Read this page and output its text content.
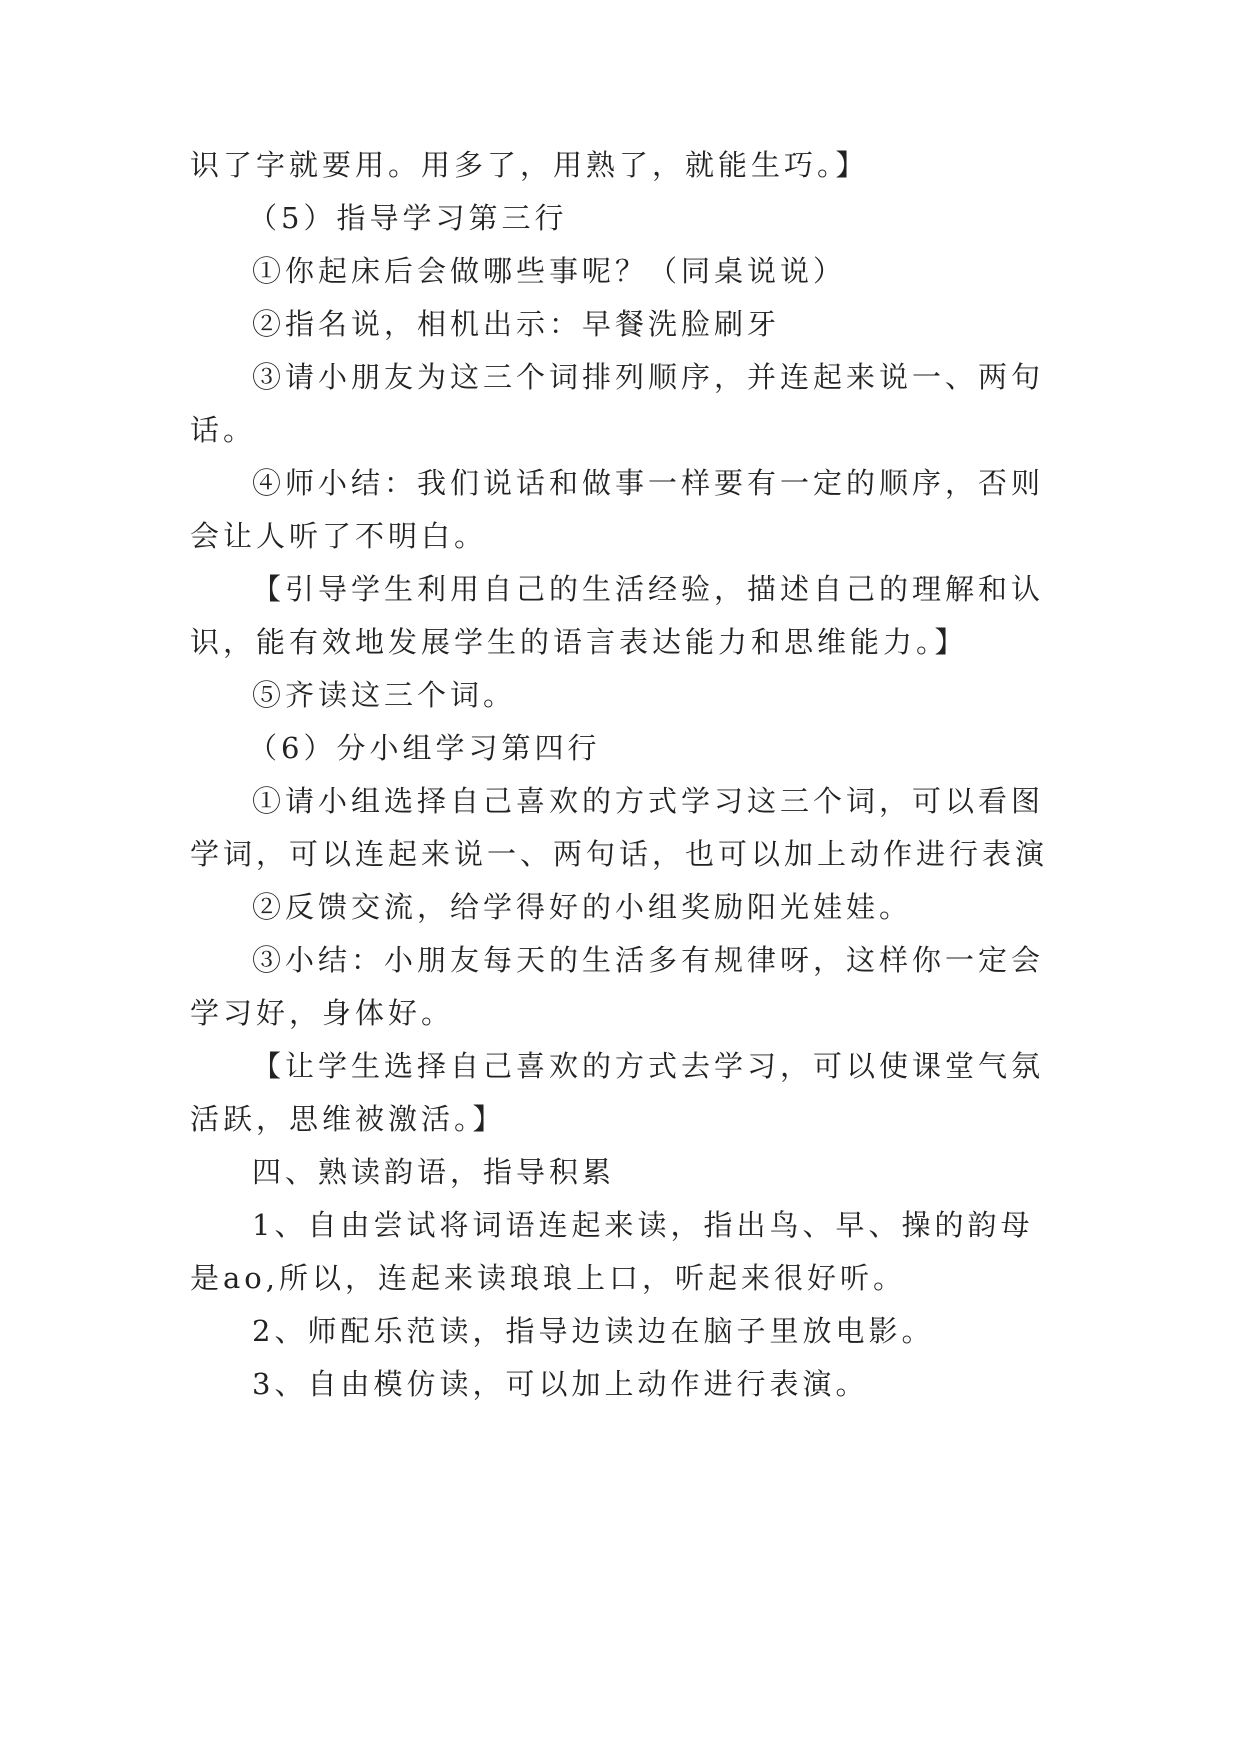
识了字就要用。用多了，用熟了，就能生巧。】
（5）指导学习第三行
①你起床后会做哪些事呢？（同桌说说）
②指名说，相机出示：早餐洗脸刷牙
③请小朋友为这三个词排列顺序，并连起来说一、两句
话。
④师小结：我们说话和做事一样要有一定的顺序，否则
会让人听了不明白。
【引导学生利用自己的生活经验，描述自己的理解和认
识，能有效地发展学生的语言表达能力和思维能力。】
⑤齐读这三个词。
（6）分小组学习第四行
①请小组选择自己喜欢的方式学习这三个词，可以看图
学词，可以连起来说一、两句话，也可以加上动作进行表演
②反馈交流，给学得好的小组奖励阳光娃娃。
③小结：小朋友每天的生活多有规律呀，这样你一定会
学习好，身体好。
【让学生选择自己喜欢的方式去学习，可以使课堂气氛
活跃，思维被激活。】
四、熟读韵语，指导积累
1、自由尝试将词语连起来读，指出鸟、早、操的韵母
是ao,所以，连起来读琅琅上口，听起来很好听。
2、师配乐范读，指导边读边在脑子里放电影。
3、自由模仿读，可以加上动作进行表演。
